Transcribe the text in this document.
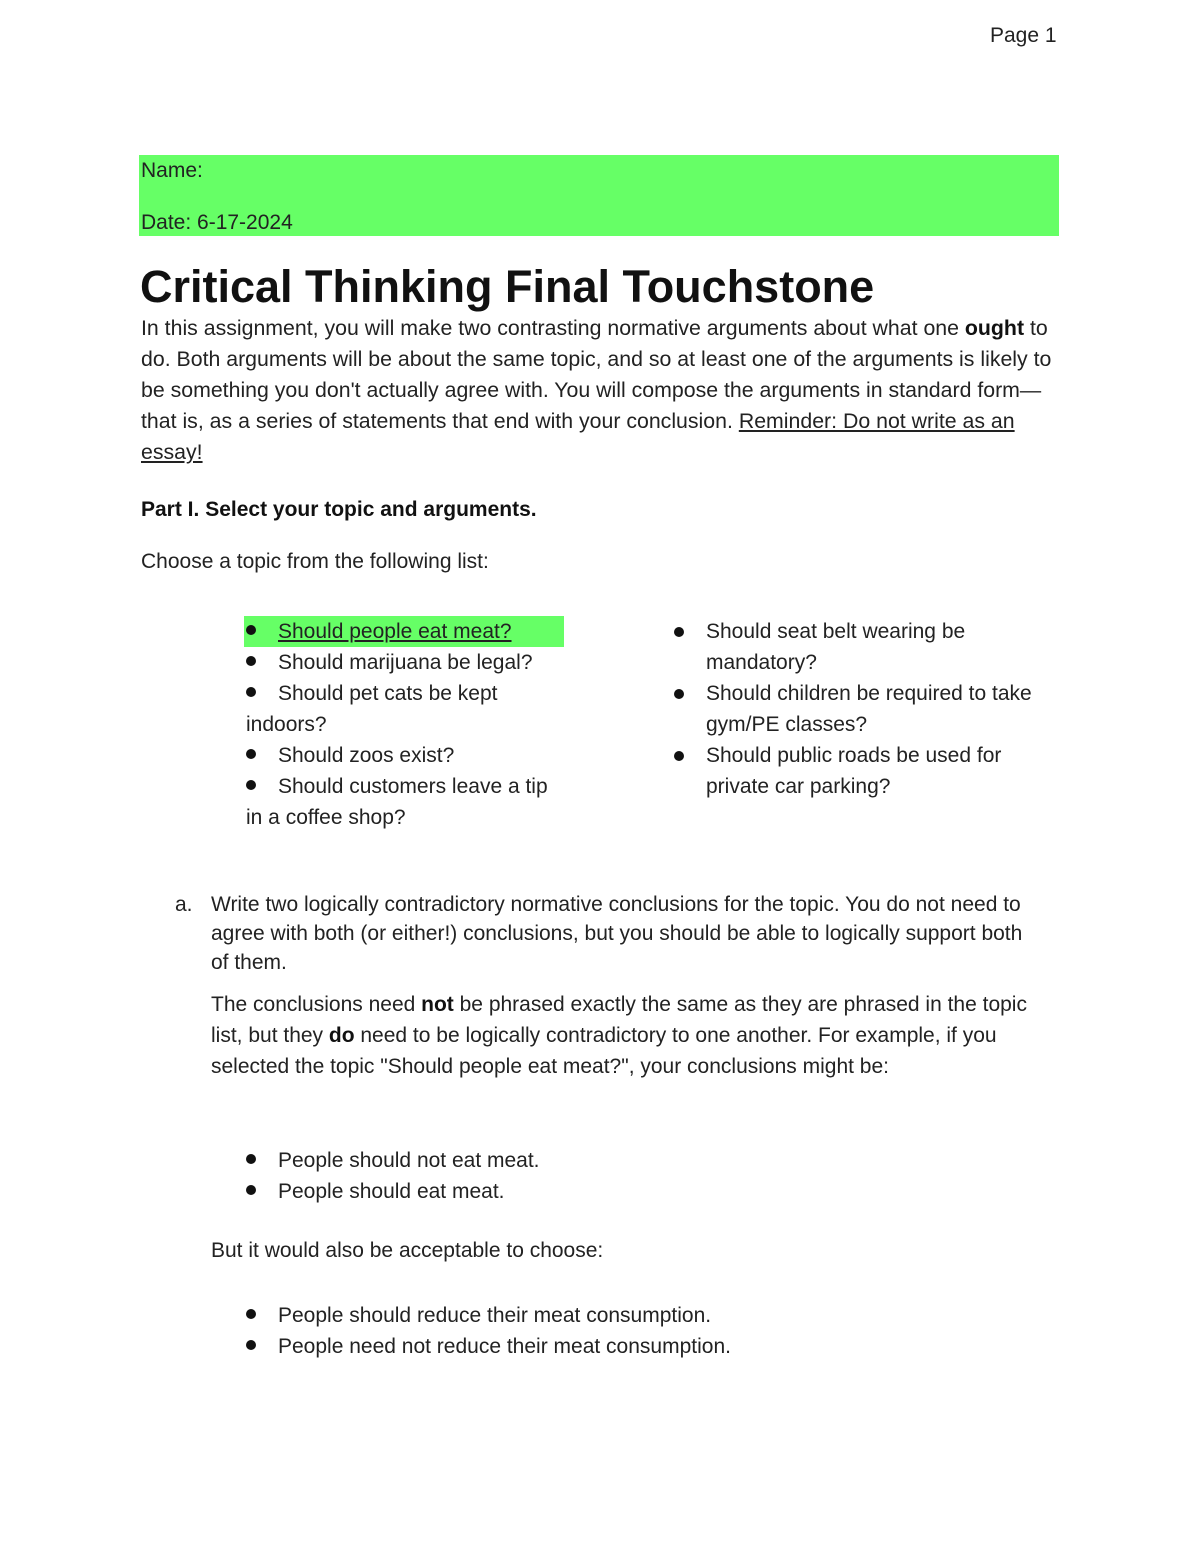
Page 1
Name:
Date: 6-17-2024
Critical Thinking Final Touchstone

In this assignment, you will make two contrasting normative arguments about what one ought to do. Both arguments will be about the same topic, and so at least one of the arguments is likely to be something you don't actually agree with. You will compose the arguments in standard form—that is, as a series of statements that end with your conclusion. Reminder: Do not write as an essay!

Part I. Select your topic and arguments.

Choose a topic from the following list:

Should people eat meat?
Should marijuana be legal?
Should pet cats be kept indoors?
Should zoos exist?
Should customers leave a tip in a coffee shop?
Should seat belt wearing be mandatory?
Should children be required to take gym/PE classes?
Should public roads be used for private car parking?
a. Write two logically contradictory normative conclusions for the topic. You do not need to agree with both (or either!) conclusions, but you should be able to logically support both of them.

The conclusions need not be phrased exactly the same as they are phrased in the topic list, but they do need to be logically contradictory to one another. For example, if you selected the topic "Should people eat meat?", your conclusions might be:

People should not eat meat.
People should eat meat.

But it would also be acceptable to choose:

People should reduce their meat consumption.
People need not reduce their meat consumption.
